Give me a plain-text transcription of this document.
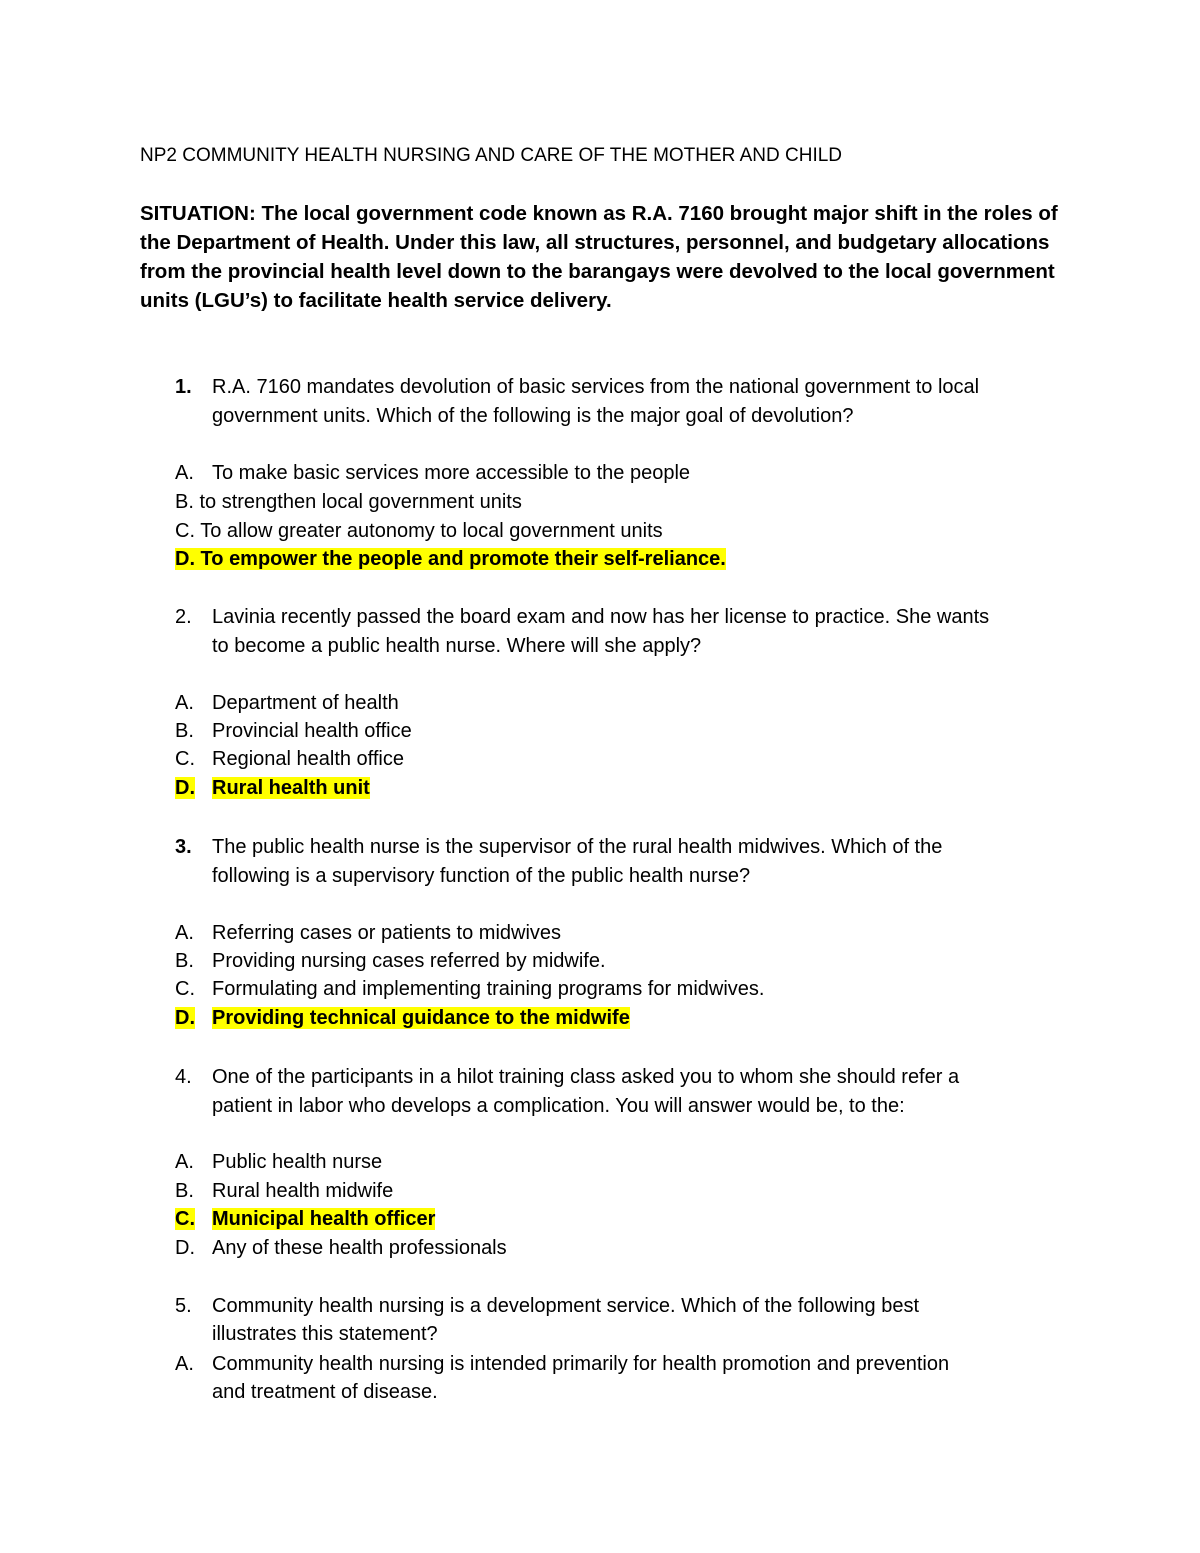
NP2 COMMUNITY HEALTH NURSING AND CARE OF THE MOTHER AND CHILD
SITUATION: The local government code known as R.A. 7160 brought major shift in the roles of the Department of Health. Under this law, all structures, personnel, and budgetary allocations from the provincial health level down to the barangays were devolved to the local government units (LGU’s) to facilitate health service delivery.
1. R.A. 7160 mandates devolution of basic services from the national government to local
government units. Which of the following is the major goal of devolution?
A. To make basic services more accessible to the people
B. to strengthen local government units
C. To allow greater autonomy to local government units
D. To empower the people and promote their self-reliance.
2. Lavinia recently passed the board exam and now has her license to practice. She wants
to become a public health nurse. Where will she apply?
A. Department of health
B. Provincial health office
C. Regional health office
D. Rural health unit
3. The public health nurse is the supervisor of the rural health midwives. Which of the
following is a supervisory function of the public health nurse?
A. Referring cases or patients to midwives
B. Providing nursing cases referred by midwife.
C. Formulating and implementing training programs for midwives.
D. Providing technical guidance to the midwife
4. One of the participants in a hilot training class asked you to whom she should refer a
patient in labor who develops a complication. You will answer would be, to the:
A. Public health nurse
B. Rural health midwife
C. Municipal health officer
D. Any of these health professionals
5. Community health nursing is a development service. Which of the following best
illustrates this statement?
A. Community health nursing is intended primarily for health promotion and prevention
and treatment of disease.
